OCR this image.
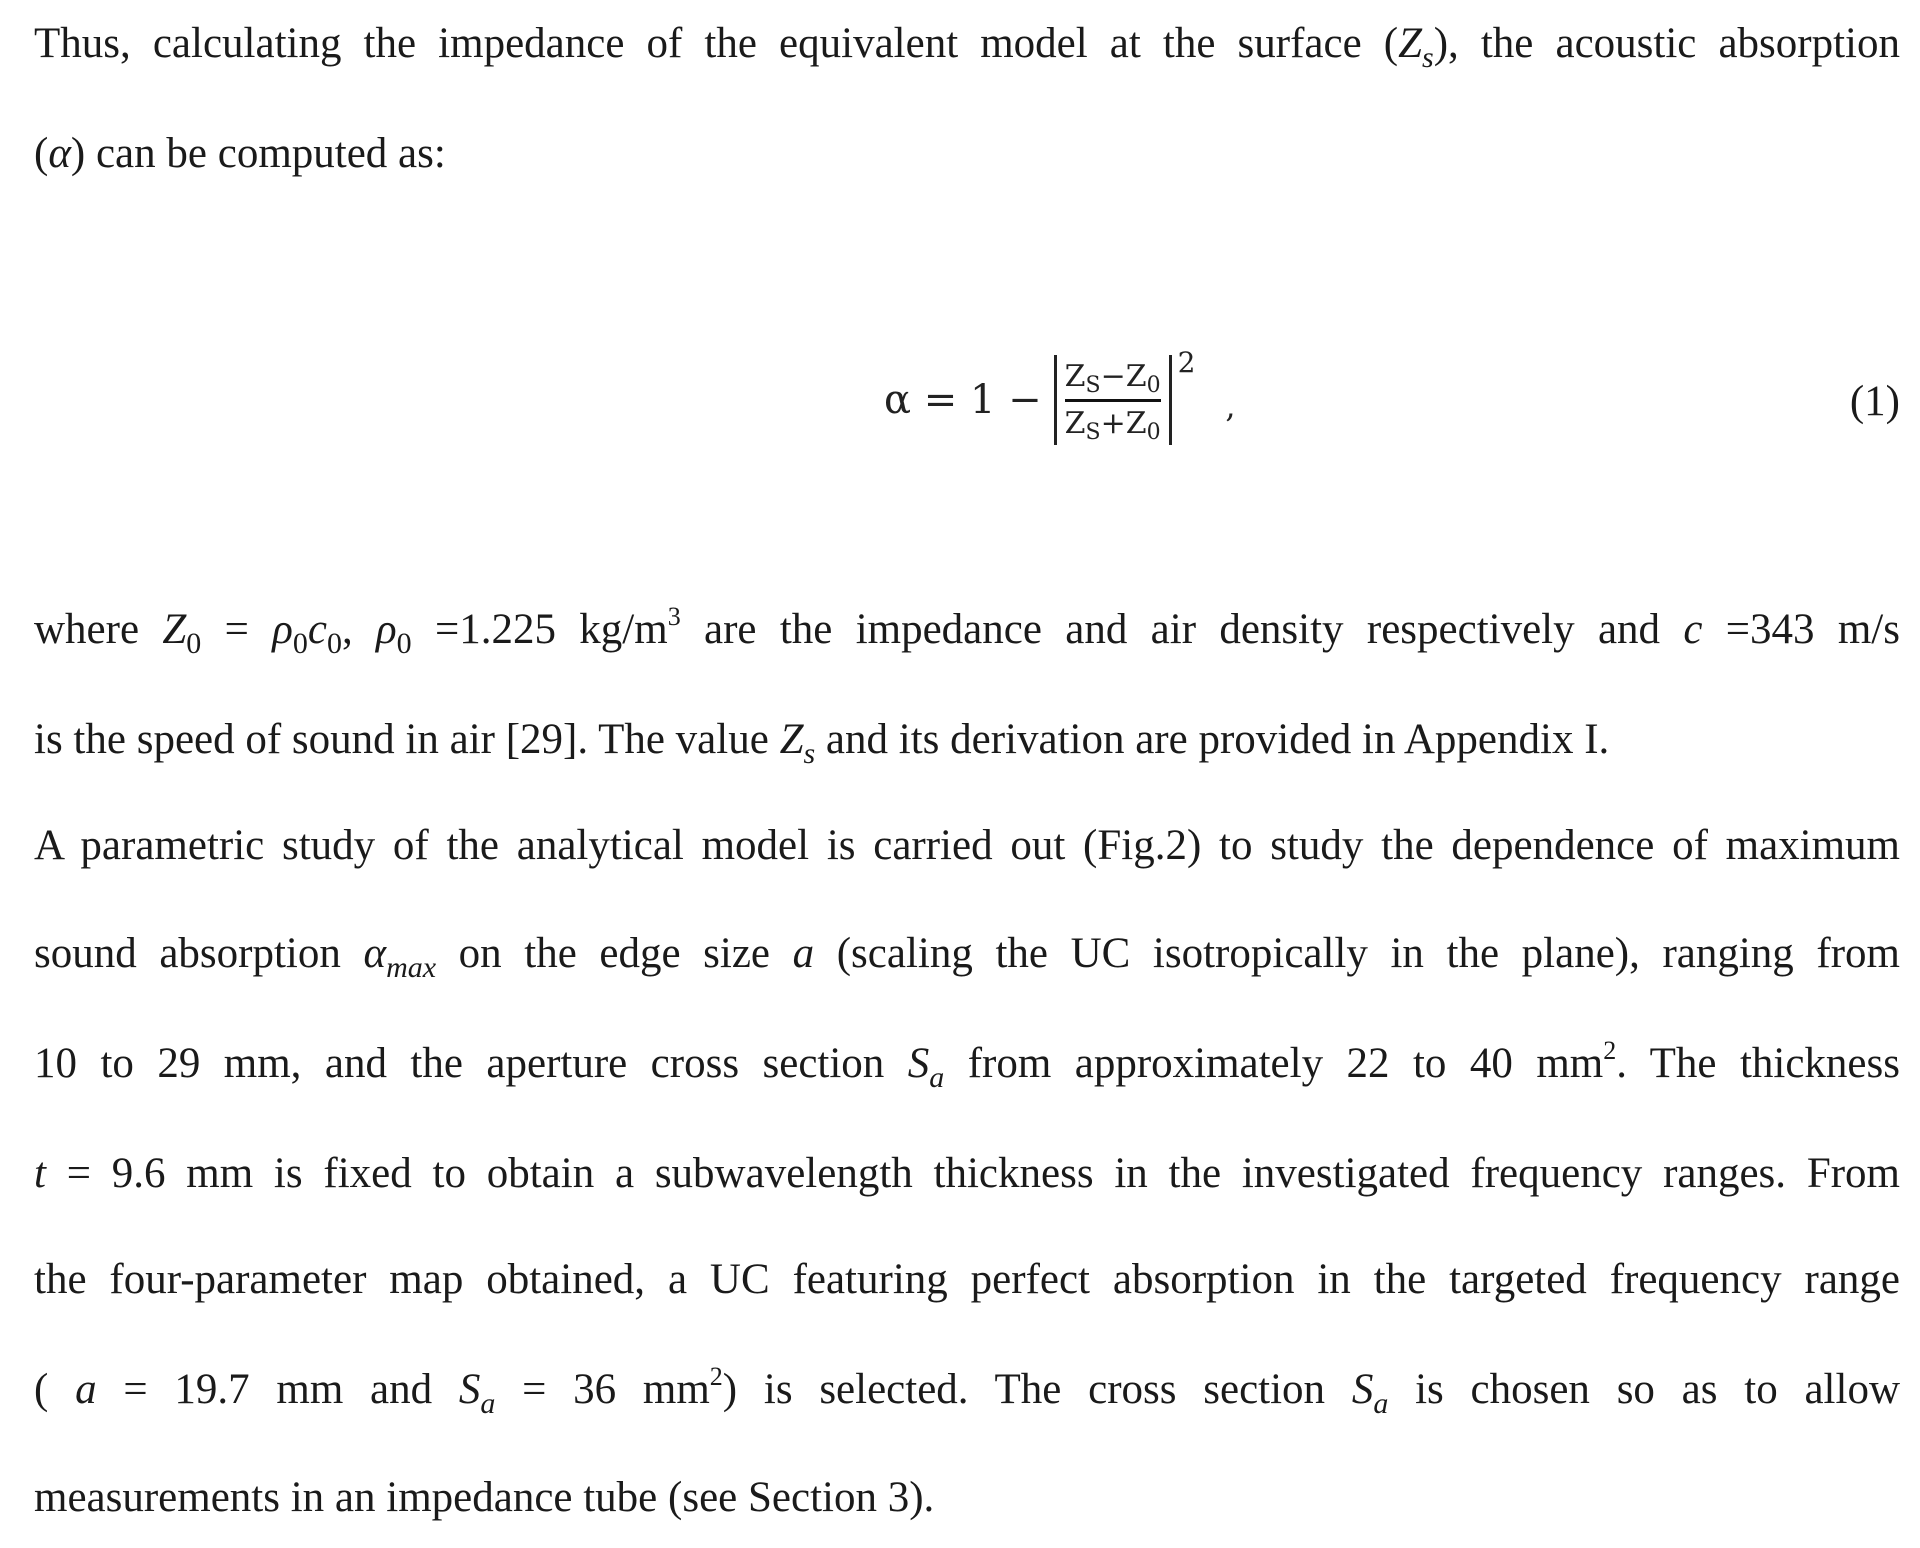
Thus, calculating the impedance of the equivalent model at the surface $(Z_s)$, the acoustic absorption
(α) can be computed as:
$\alpha = 1 - \frac{Z_S-Z_0}{Z_S+Z_0} 2$
,	(1)
where $Z_0 = \rho_0c_0$, $\rho_0 =1.225$ $kg/m^3$ are the impedance and air density respectively and c =343 m/s
is the speed of sound in air [29]. The value $Z_s$ and its derivation are provided in Appendix I.
A parametric study of the analytical model is carried out (Fig.2) to study the dependence of maximum
sound absorption $\alpha_{max}$ on the edge size a (scaling the UC isotropically in the plane), ranging from
10 to 29 mm, and the aperture cross section $S_a$ from approximately 22 to 40 $mm^2$. The thickness
t = 9.6 mm is fixed to obtain a subwavelength thickness in the investigated frequency ranges. From
the four-parameter map obtained, a UC featuring perfect absorption in the targeted frequency range
( a = 19.7 mm and $S_a = 36$ $mm^2$) is selected. The cross section $S_a$ is chosen so as to allow
measurements in an impedance tube (see Section 3).
